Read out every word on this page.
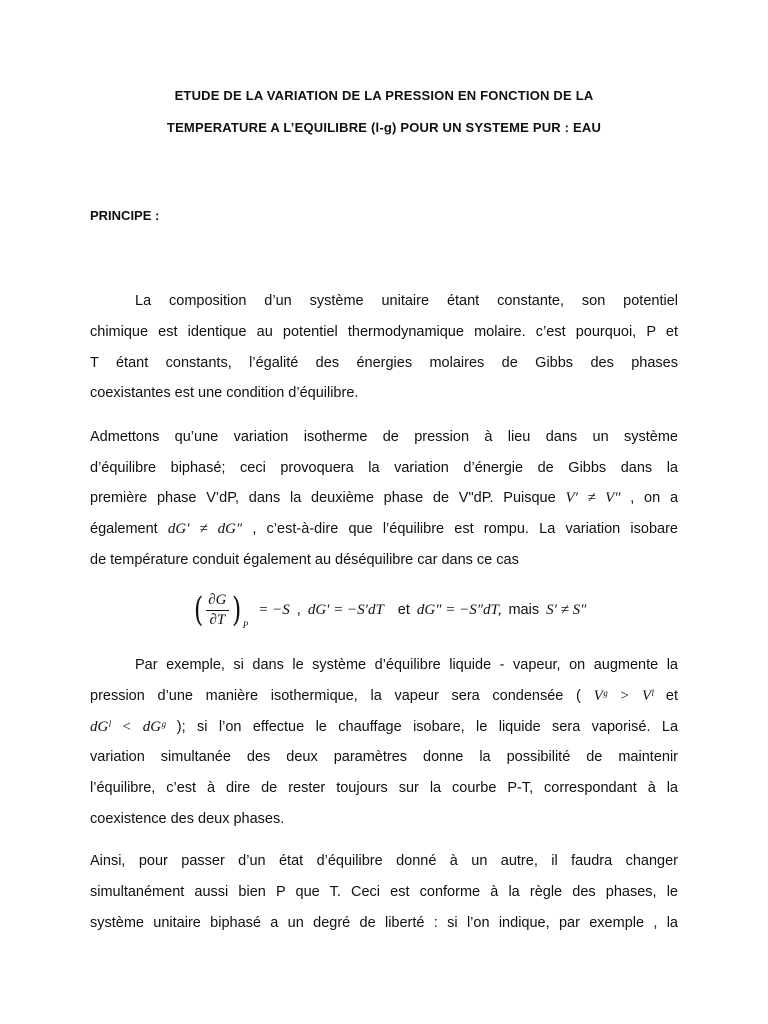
ETUDE DE LA VARIATION DE LA PRESSION EN FONCTION DE LA
TEMPERATURE A L’EQUILIBRE (l-g) POUR UN SYSTEME PUR : EAU
PRINCIPE :
La composition d’un système unitaire étant constante, son potentiel
chimique est identique au potentiel thermodynamique molaire. c’est pourquoi, P et
T étant constants, l’égalité des énergies molaires de Gibbs des phases
coexistantes est une condition d’équilibre.
Admettons qu’une variation isotherme de pression à lieu dans un système
d’équilibre biphasé; ceci provoquera la variation d’énergie de Gibbs dans la
première phase V’dP, dans la deuxième phase de V"dP. Puisque V′ ≠ V″ , on a
également dG′ ≠ dG″ , c’est-à-dire que l’équilibre est rompu. La variation isobare
de température conduit également au déséquilibre car dans ce cas
( $\frac{\partial G}{\partial T}$ ) P
= −S , dG′ = −S′dT et dG″ = −S″dT, mais S′ ≠ S″
Par exemple, si dans le système d’équilibre liquide - vapeur, on augmente la
pression d’une manière isothermique, la vapeur sera condensée ( Vᵍ > Vˡ et
dGˡ < dGᵍ ); si l’on effectue le chauffage isobare, le liquide sera vaporisé. La
variation simultanée des deux paramètres donne la possibilité de maintenir
l’équilibre, c’est à dire de rester toujours sur la courbe P-T, correspondant à la
coexistence des deux phases.
Ainsi, pour passer d’un état d’équilibre donné à un autre, il faudra changer
simultanément aussi bien P que T. Ceci est conforme à la règle des phases, le
système unitaire biphasé a un degré de liberté : si l’on indique, par exemple , la
